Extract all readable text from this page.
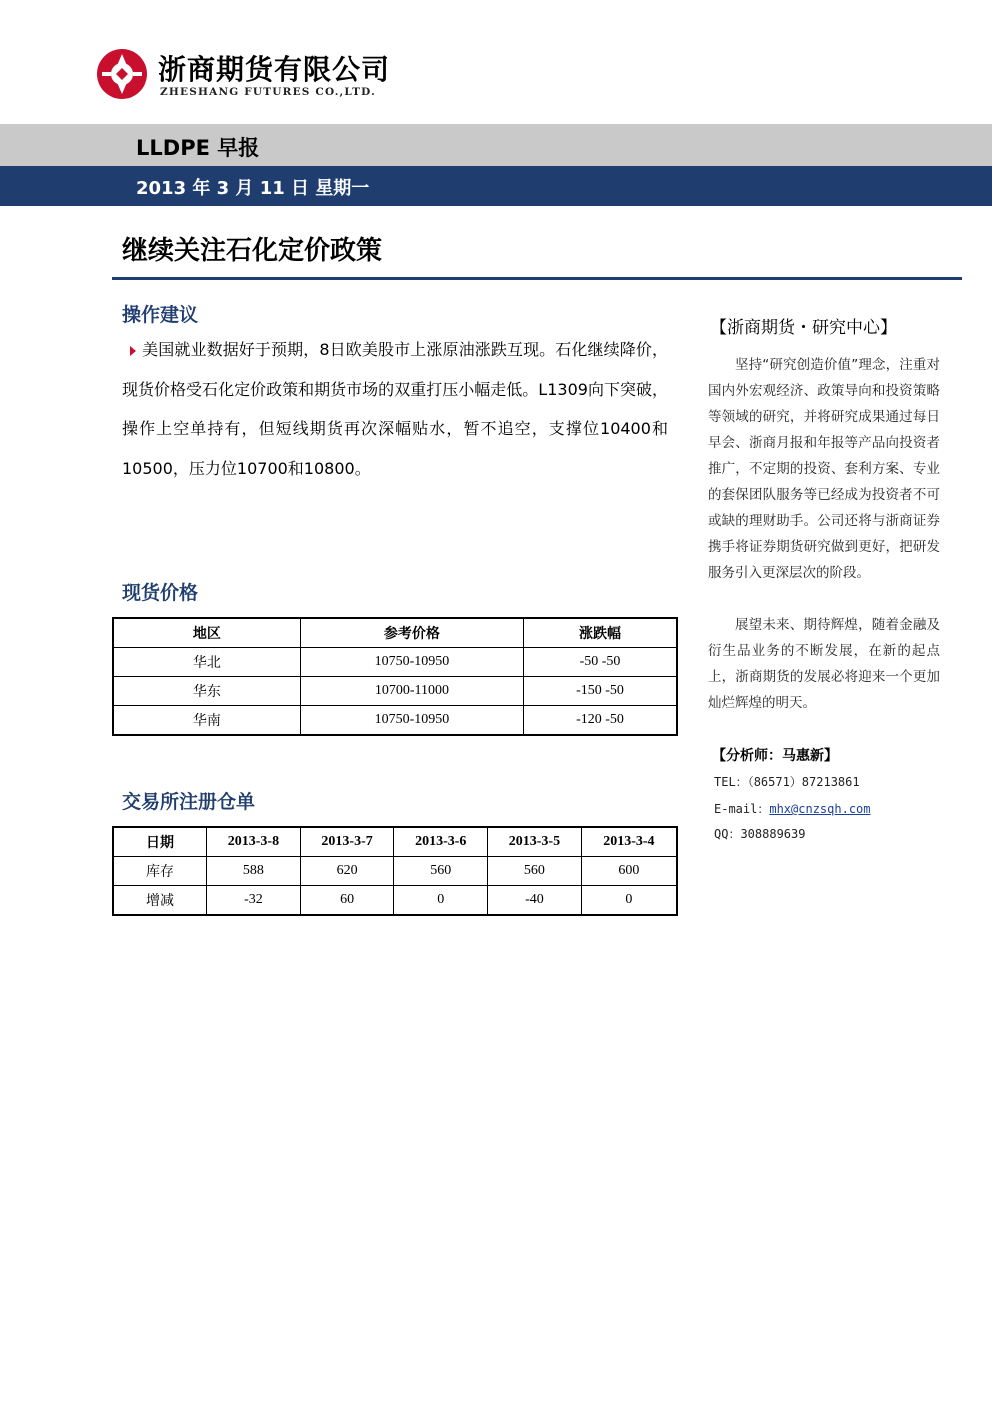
浙商期货有限公司
ZHESHANG FUTURES CO.,LTD.
LLDPE 早报
2013 年 3 月 11 日 星期一
继续关注石化定价政策
操作建议
美国就业数据好于预期，8日欧美股市上涨原油涨跌互现。石化继续降价，现货价格受石化定价政策和期货市场的双重打压小幅走低。L1309向下突破，操作上空单持有，但短线期货再次深幅贴水，暂不追空，支撑位10400和10500，压力位10700和10800。
现货价格
地区	参考价格	涨跌幅
华北	10750-10950	-50 -50
华东	10700-11000	-150 -50
华南	10750-10950	-120 -50
交易所注册仓单
日期	2013-3-8	2013-3-7	2013-3-6	2013-3-5	2013-3-4
库存	588	620	560	560	600
增减	-32	60	0	-40	0
【浙商期货・研究中心】
坚持“研究创造价值”理念，注重对国内外宏观经济、政策导向和投资策略等领域的研究，并将研究成果通过每日早会、浙商月报和年报等产品向投资者推广，不定期的投资、套利方案、专业的套保团队服务等已经成为投资者不可或缺的理财助手。公司还将与浙商证券携手将证券期货研究做到更好，把研发服务引入更深层次的阶段。
展望未来、期待辉煌，随着金融及衍生品业务的不断发展，在新的起点上，浙商期货的发展必将迎来一个更加灿烂辉煌的明天。
【分析师：马惠新】
TEL：（86571）87213861
E-mail：mhx@cnzsqh.com
QQ：308889639
